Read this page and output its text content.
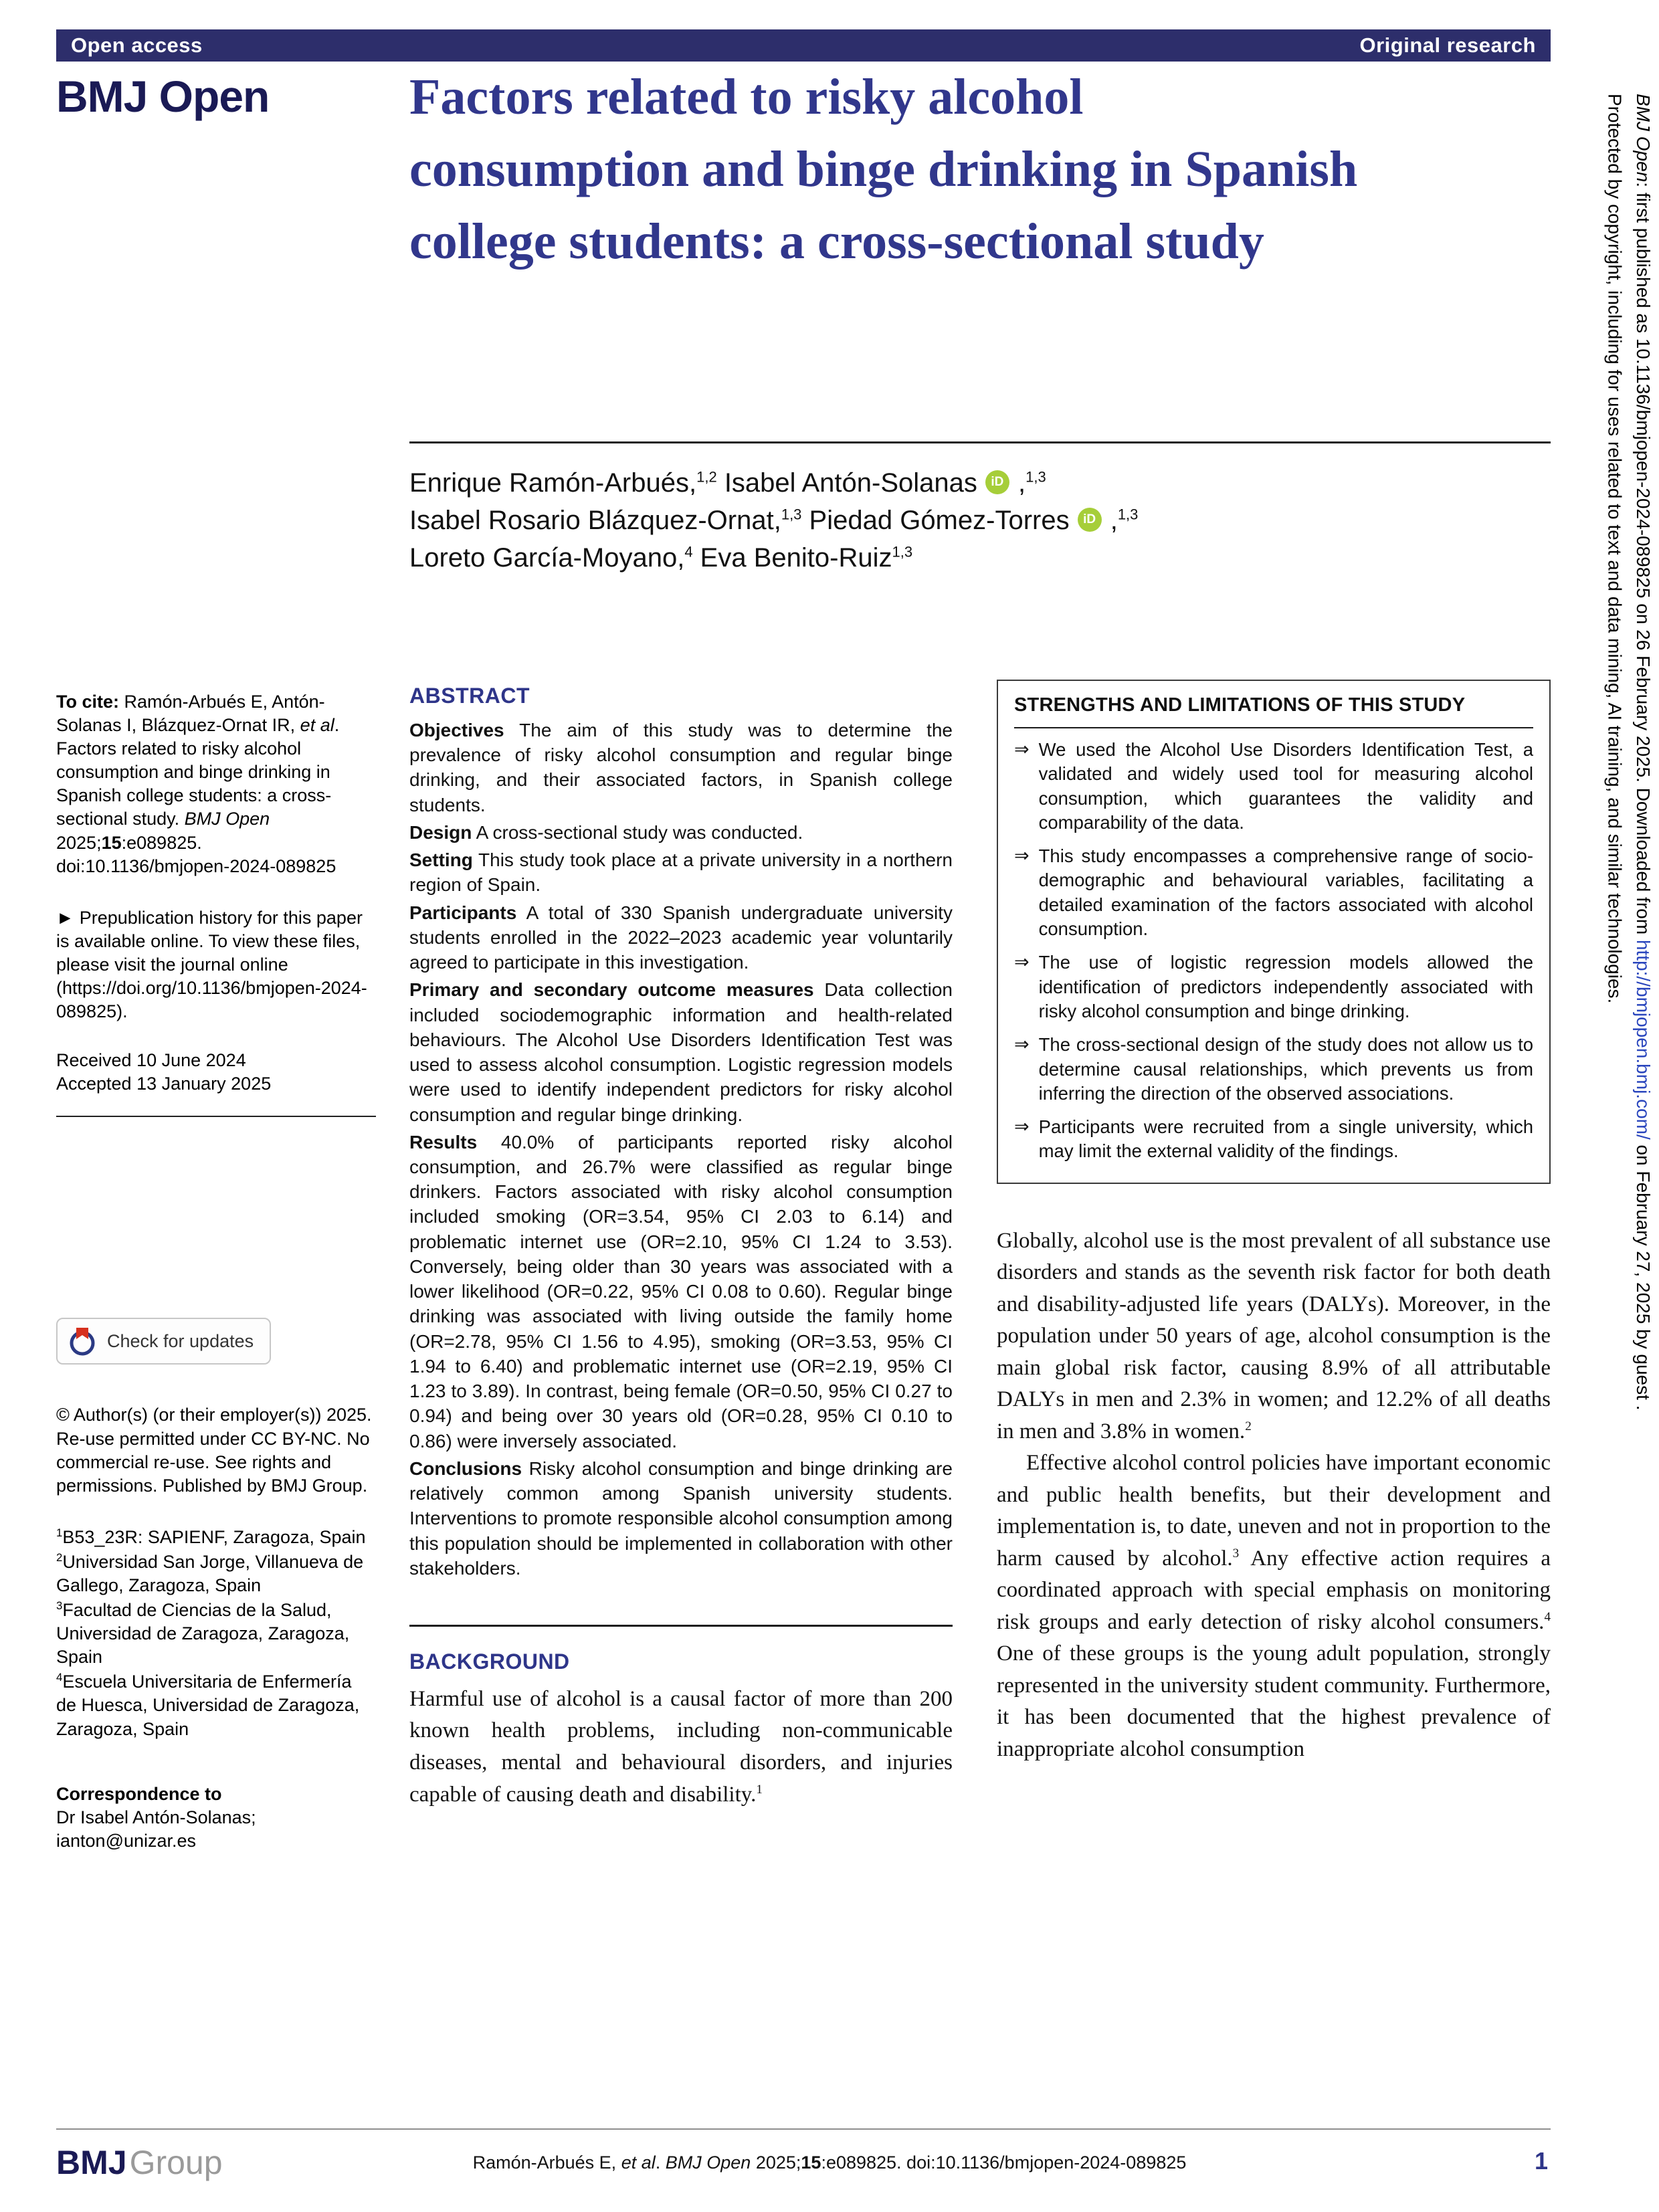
Open access	Original research
BMJ Open	Factors related to risky alcohol consumption and binge drinking in Spanish college students: a cross-sectional study
Enrique Ramón-Arbués,$^{1,2}$ Isabel Antón-Solanas iD ,$^{1,3}$
Isabel Rosario Blázquez-Ornat,$^{1,3}$ Piedad Gómez-Torres iD ,$^{1,3}$
Loreto García-Moyano,$^4$ Eva Benito-Ruiz$^{1,3}$
To cite: Ramón-Arbués E, Antón-Solanas I, Blázquez-Ornat IR, et al. Factors related to risky alcohol consumption and binge drinking in Spanish college students: a cross-sectional study. BMJ Open 2025;15:e089825. doi:10.1136/bmjopen-2024-089825
► Prepublication history for this paper is available online. To view these files, please visit the journal online (https://doi.org/10.1136/bmjopen-2024-089825).
Received 10 June 2024
Accepted 13 January 2025
Check for updates
© Author(s) (or their employer(s)) 2025. Re-use permitted under CC BY-NC. No commercial re-use. See rights and permissions. Published by BMJ Group.
$^1$B53_23R: SAPIENF, Zaragoza, Spain
$^2$Universidad San Jorge, Villanueva de Gallego, Zaragoza, Spain
$^3$Facultad de Ciencias de la Salud, Universidad de Zaragoza, Zaragoza, Spain
$^4$Escuela Universitaria de Enfermería de Huesca, Universidad de Zaragoza, Zaragoza, Spain
Correspondence to
Dr Isabel Antón-Solanas; ianton@unizar.es
ABSTRACT

Objectives The aim of this study was to determine the prevalence of risky alcohol consumption and regular binge drinking, and their associated factors, in Spanish college students.

Design A cross-sectional study was conducted.

Setting This study took place at a private university in a northern region of Spain.

Participants A total of 330 Spanish undergraduate university students enrolled in the 2022–2023 academic year voluntarily agreed to participate in this investigation.

Primary and secondary outcome measures Data collection included sociodemographic information and health-related behaviours. The Alcohol Use Disorders Identification Test was used to assess alcohol consumption. Logistic regression models were used to identify independent predictors for risky alcohol consumption and regular binge drinking.

Results 40.0% of participants reported risky alcohol consumption, and 26.7% were classified as regular binge drinkers. Factors associated with risky alcohol consumption included smoking (OR=3.54, 95% CI 2.03 to 6.14) and problematic internet use (OR=2.10, 95% CI 1.24 to 3.53). Conversely, being older than 30 years was associated with a lower likelihood (OR=0.22, 95% CI 0.08 to 0.60). Regular binge drinking was associated with living outside the family home (OR=2.78, 95% CI 1.56 to 4.95), smoking (OR=3.53, 95% CI 1.94 to 6.40) and problematic internet use (OR=2.19, 95% CI 1.23 to 3.89). In contrast, being female (OR=0.50, 95% CI 0.27 to 0.94) and being over 30 years old (OR=0.28, 95% CI 0.10 to 0.86) were inversely associated.

Conclusions Risky alcohol consumption and binge drinking are relatively common among Spanish university students. Interventions to promote responsible alcohol consumption among this population should be implemented in collaboration with other stakeholders.

BACKGROUND

Harmful use of alcohol is a causal factor of more than 200 known health problems, including non-communicable diseases, mental and behavioural disorders, and injuries capable of causing death and disability.$^1$

STRENGTHS AND LIMITATIONS OF THIS STUDY
⇒ We used the Alcohol Use Disorders Identification Test, a validated and widely used tool for measuring alcohol consumption, which guarantees the validity and comparability of the data.
⇒ This study encompasses a comprehensive range of socio-demographic and behavioural variables, facilitating a detailed examination of the factors associated with alcohol consumption.
⇒ The use of logistic regression models allowed the identification of predictors independently associated with risky alcohol consumption and binge drinking.
⇒ The cross-sectional design of the study does not allow us to determine causal relationships, which prevents us from inferring the direction of the observed associations.
⇒ Participants were recruited from a single university, which may limit the external validity of the findings.

Globally, alcohol use is the most prevalent of all substance use disorders and stands as the seventh risk factor for both death and disability-adjusted life years (DALYs). Moreover, in the population under 50 years of age, alcohol consumption is the main global risk factor, causing 8.9% of all attributable DALYs in men and 2.3% in women; and 12.2% of all deaths in men and 3.8% in women.$^2$

Effective alcohol control policies have important economic and public health benefits, but their development and implementation is, to date, uneven and not in proportion to the harm caused by alcohol.$^3$ Any effective action requires a coordinated approach with special emphasis on monitoring risk groups and early detection of risky alcohol consumers.$^4$ One of these groups is the young adult population, strongly represented in the university student community. Furthermore, it has been documented that the highest prevalence of inappropriate alcohol consumption

BMJ Open: first published as 10.1136/bmjopen-2024-089825 on 26 February 2025. Downloaded from http://bmjopen.bmj.com/ on February 27, 2025 by guest .
Protected by copyright, including for uses related to text and data mining, AI training, and similar technologies.
BMJGroup	Ramón-Arbués E, et al. BMJ Open 2025;15:e089825. doi:10.1136/bmjopen-2024-089825	1
